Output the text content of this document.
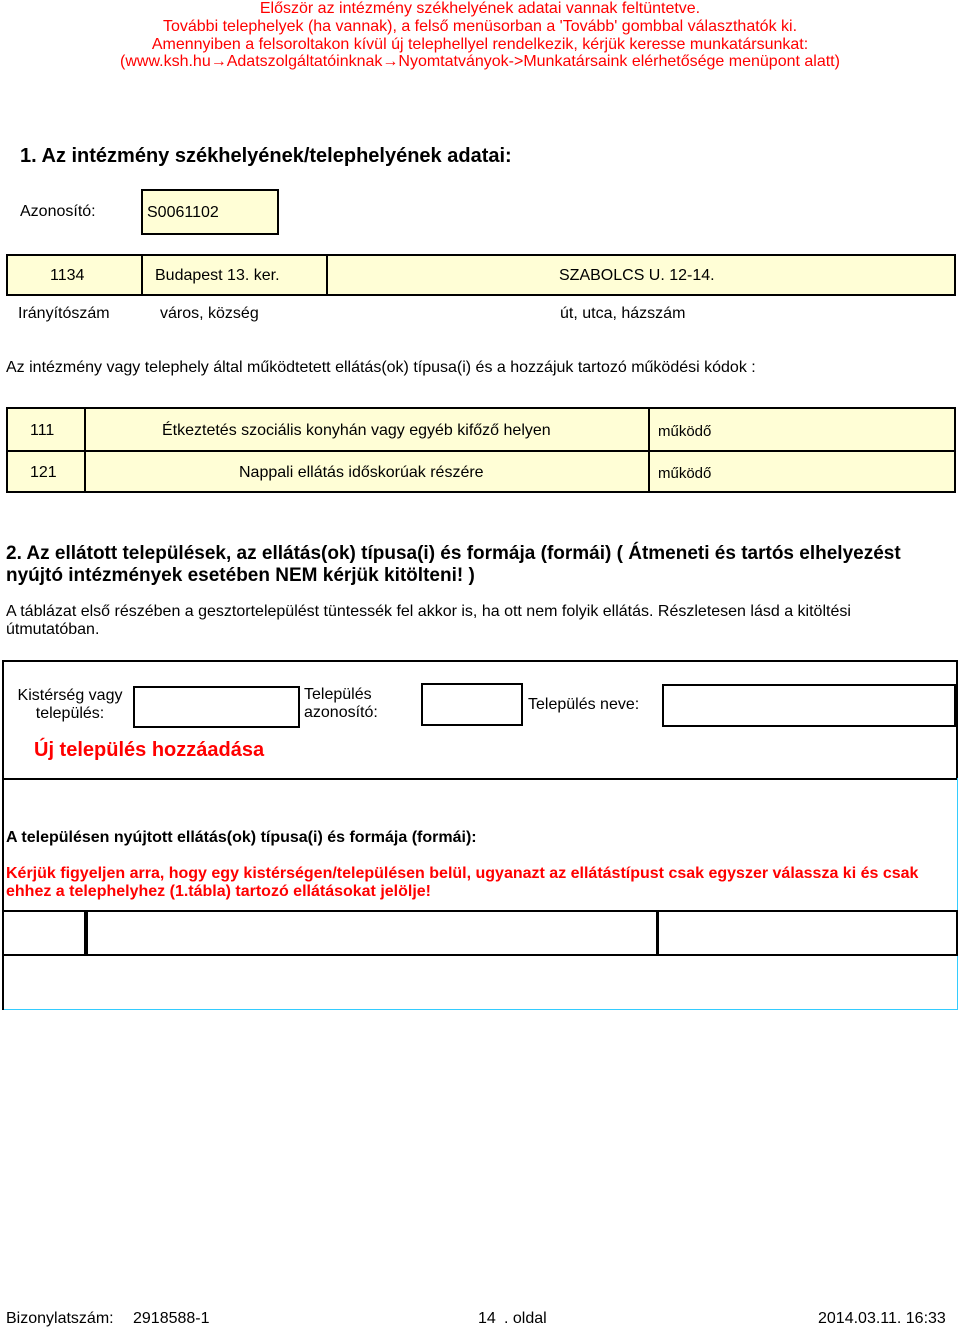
Először az intézmény székhelyének adatai vannak feltüntetve.
További telephelyek (ha vannak), a felső menüsorban a 'Tovább' gombbal választhatók ki.
Amennyiben a felsoroltakon kívül új telephellyel rendelkezik, kérjük keresse munkatársunkat:
(www.ksh.hu→Adatszolgáltatóinknak→Nyomtatványok->Munkatársaink elérhetősége menüpont alatt)
1. Az intézmény székhelyének/telephelyének adatai:
Azonosító:	S0061102
1134	Budapest 13. ker.	SZABOLCS U. 12-14.
Irányítószám	város, község	út, utca, házszám
Az intézmény vagy telephely által működtetett ellátás(ok) típusa(i) és a hozzájuk tartozó működési kódok :
111	Étkeztetés szociális konyhán vagy egyéb kifőző helyen	működő
121	Nappali ellátás időskorúak részére	működő
2. Az ellátott települések, az ellátás(ok) típusa(i) és formája (formái) ( Átmeneti és tartós elhelyezést nyújtó intézmények esetében NEM kérjük kitölteni! )
A táblázat első részében a gesztortelepülést tüntessék fel akkor is, ha ott nem folyik ellátás. Részletesen lásd a kitöltési útmutatóban.
Kistérség vagy település:
Település azonosító:	Település neve:
Új település hozzáadása
A településen nyújtott ellátás(ok) típusa(i) és formája (formái):
Kérjük figyeljen arra, hogy egy kistérségen/településen belül, ugyanazt az ellátástípust csak egyszer válassza ki és csak ehhez a telephelyhez (1.tábla) tartozó ellátásokat jelölje!
Bizonylatszám: 2918588-1	14 . oldal	2014.03.11. 16:33
